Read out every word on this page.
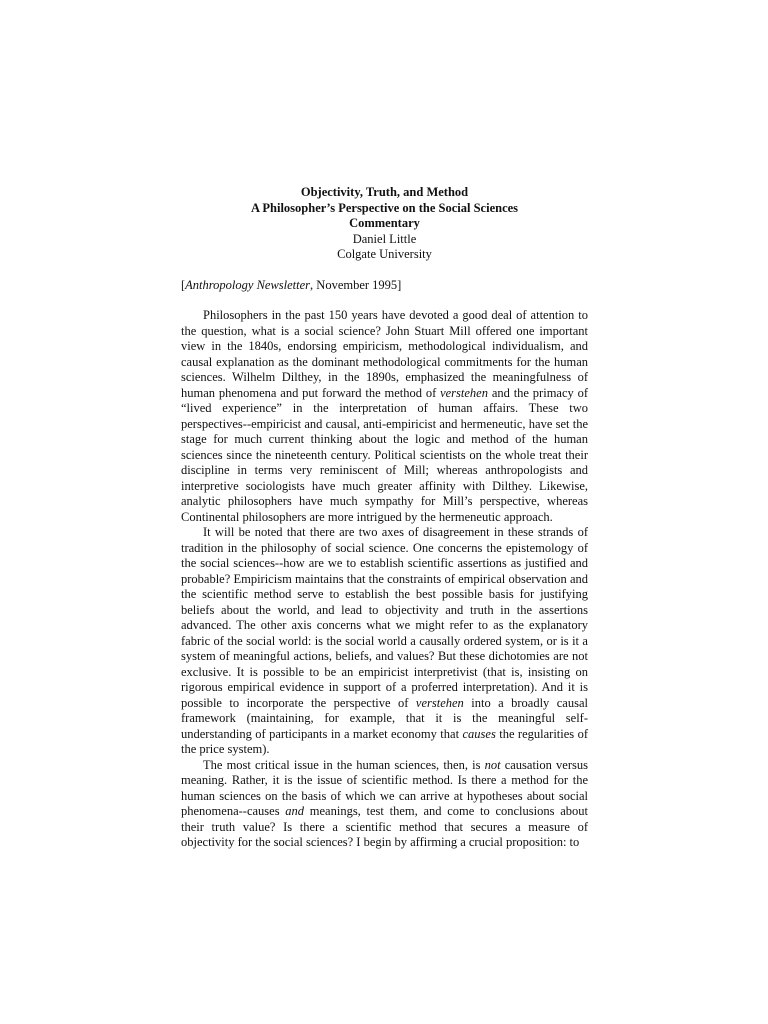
Objectivity, Truth, and Method
A Philosopher’s Perspective on the Social Sciences
Commentary
Daniel Little
Colgate University
[Anthropology Newsletter, November 1995]

Philosophers in the past 150 years have devoted a good deal of attention to the question, what is a social science? John Stuart Mill offered one important view in the 1840s, endorsing empiricism, methodological individualism, and causal explanation as the dominant methodological commitments for the human sciences. Wilhelm Dilthey, in the 1890s, emphasized the meaningfulness of human phenomena and put forward the method of verstehen and the primacy of “lived experience” in the interpretation of human affairs. These two perspectives--empiricist and causal, anti-empiricist and hermeneutic, have set the stage for much current thinking about the logic and method of the human sciences since the nineteenth century. Political scientists on the whole treat their discipline in terms very reminiscent of Mill; whereas anthropologists and interpretive sociologists have much greater affinity with Dilthey. Likewise, analytic philosophers have much sympathy for Mill’s perspective, whereas Continental philosophers are more intrigued by the hermeneutic approach.

It will be noted that there are two axes of disagreement in these strands of tradition in the philosophy of social science. One concerns the epistemology of the social sciences--how are we to establish scientific assertions as justified and probable? Empiricism maintains that the constraints of empirical observation and the scientific method serve to establish the best possible basis for justifying beliefs about the world, and lead to objectivity and truth in the assertions advanced. The other axis concerns what we might refer to as the explanatory fabric of the social world: is the social world a causally ordered system, or is it a system of meaningful actions, beliefs, and values? But these dichotomies are not exclusive. It is possible to be an empiricist interpretivist (that is, insisting on rigorous empirical evidence in support of a proferred interpretation). And it is possible to incorporate the perspective of verstehen into a broadly causal framework (maintaining, for example, that it is the meaningful self-understanding of participants in a market economy that causes the regularities of the price system).

The most critical issue in the human sciences, then, is not causation versus meaning. Rather, it is the issue of scientific method. Is there a method for the human sciences on the basis of which we can arrive at hypotheses about social phenomena--causes and meanings, test them, and come to conclusions about their truth value? Is there a scientific method that secures a measure of objectivity for the social sciences? I begin by affirming a crucial proposition: to
